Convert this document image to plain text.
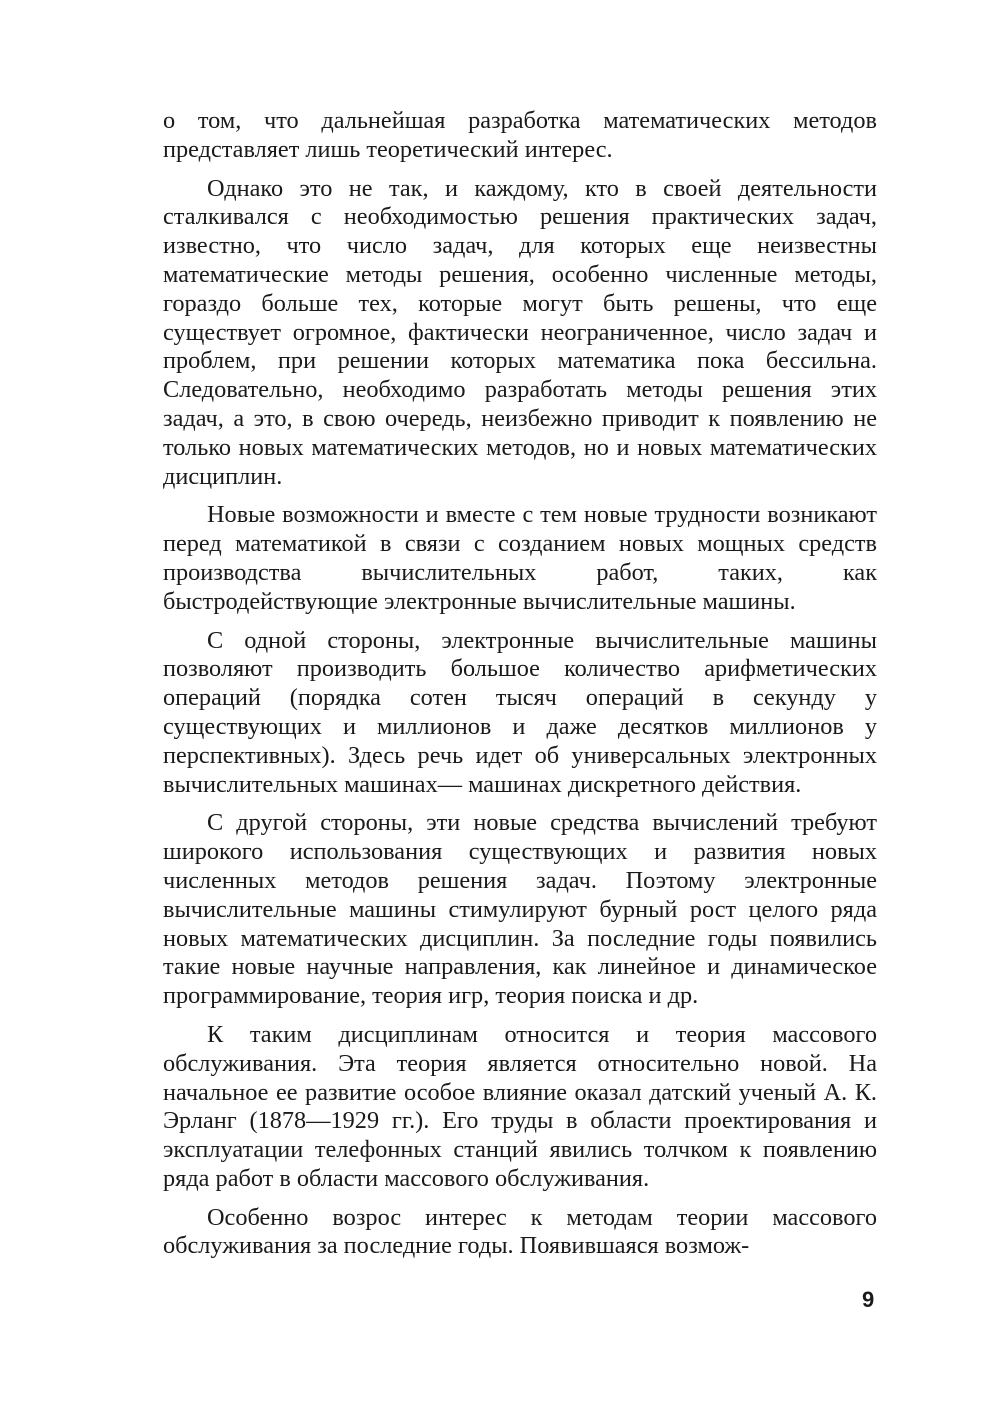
о том, что дальнейшая разработка математических методов представляет лишь теоретический интерес.

Однако это не так, и каждому, кто в своей деятельности сталкивался с необходимостью решения практических задач, известно, что число задач, для которых еще неизвестны математические методы решения, особенно численные методы, гораздо больше тех, которые могут быть решены, что еще существует огромное, фактически неограниченное, число задач и проблем, при решении которых математика пока бессильна. Следовательно, необходимо разработать методы решения этих задач, а это, в свою очередь, неизбежно приводит к появлению не только новых математических методов, но и новых математических дисциплин.

Новые возможности и вместе с тем новые трудности возникают перед математикой в связи с созданием новых мощных средств производства вычислительных работ, таких, как быстродействующие электронные вычислительные машины.

С одной стороны, электронные вычислительные машины позволяют производить большое количество арифметических операций (порядка сотен тысяч операций в секунду у существующих и миллионов и даже десятков миллионов у перспективных). Здесь речь идет об универсальных электронных вычислительных машинах— машинах дискретного действия.

С другой стороны, эти новые средства вычислений требуют широкого использования существующих и развития новых численных методов решения задач. Поэтому электронные вычислительные машины стимулируют бурный рост целого ряда новых математических дисциплин. За последние годы появились такие новые научные направления, как линейное и динамическое программирование, теория игр, теория поиска и др.

К таким дисциплинам относится и теория массового обслуживания. Эта теория является относительно новой. На начальное ее развитие особое влияние оказал датский ученый А. К. Эрланг (1878—1929 гг.). Его труды в области проектирования и эксплуатации телефонных станций явились толчком к появлению ряда работ в области массового обслуживания.

Особенно возрос интерес к методам теории массового обслуживания за последние годы. Появившаяся возмож-

9
